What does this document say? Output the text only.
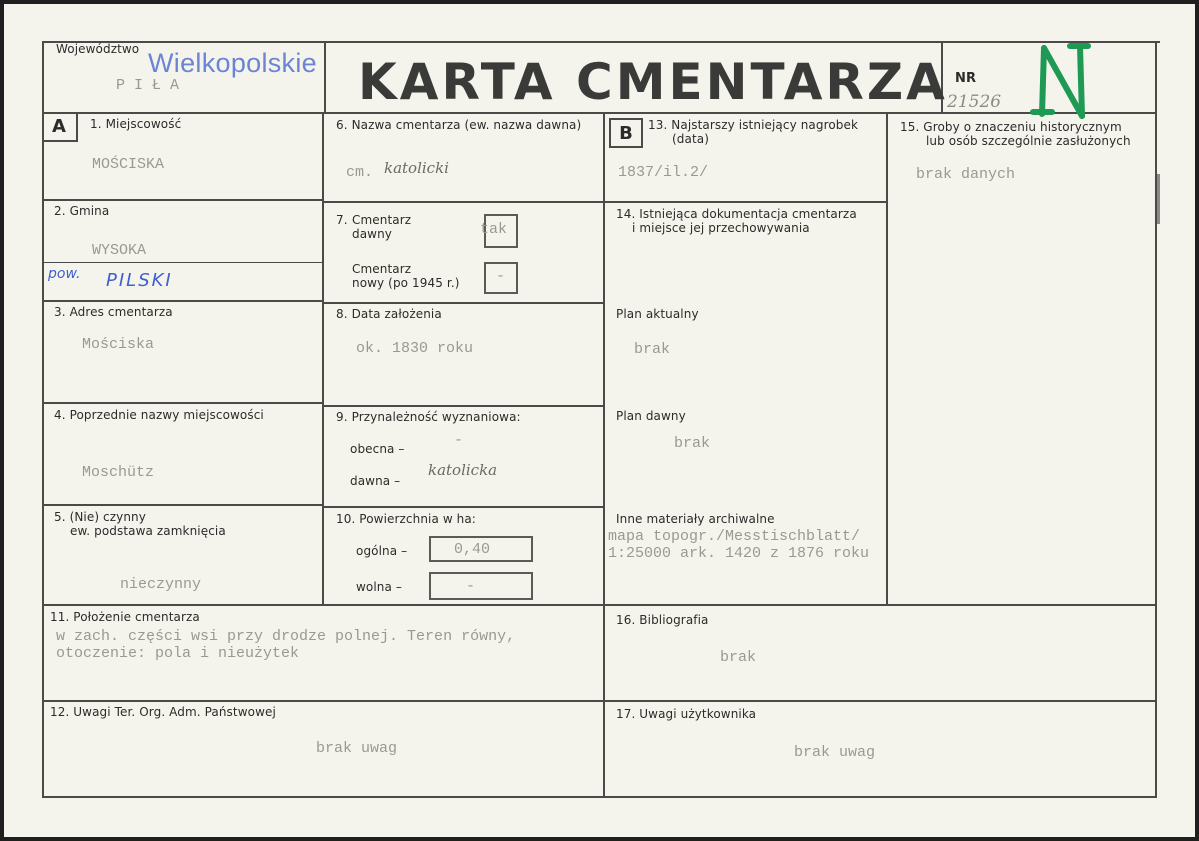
Województwo Wielkopolskie
P I Ł A	KARTA CMENTARZA NR
21526
A	1. Miejscowość
MOŚCISKA
2. Gmina
WYSOKA
pow. PILSKI
3. Adres cmentarza
Mościska
4. Poprzednie nazwy miejscowości
Moschütz
5. (Nie) czynny
ew. podstawa zamknięcia
nieczynny
6. Nazwa cmentarza (ew. nazwa dawna)
cm. katolicki
7. Cmentarz
dawny	tak
Cmentarz
nowy (po 1945 r.) -
8. Data założenia
ok. 1830 roku
9. Przynależność wyznaniowa:
obecna –	-
dawna –
katolicka
10. Powierzchnia w ha:
ogólna –	0,40
wolna –	-
11. Położenie cmentarza
w zach. części wsi przy drodze polnej. Teren równy,
otoczenie: pola i nieużytek
12. Uwagi Ter. Org. Adm. Państwowej
brak uwag
B	13. Najstarszy istniejący nagrobek
(data)
1837/il.2/
14. Istniejąca dokumentacja cmentarza
i miejsce jej przechowywania
Plan aktualny
brak
Plan dawny
brak
Inne materiały archiwalne
mapa topogr./Messtischblatt/
1:25000 ark. 1420 z 1876 roku
15. Groby o znaczeniu historycznym
lub osób szczególnie zasłużonych
brak danych
16. Bibliografia
brak
17. Uwagi użytkownika
brak uwag
